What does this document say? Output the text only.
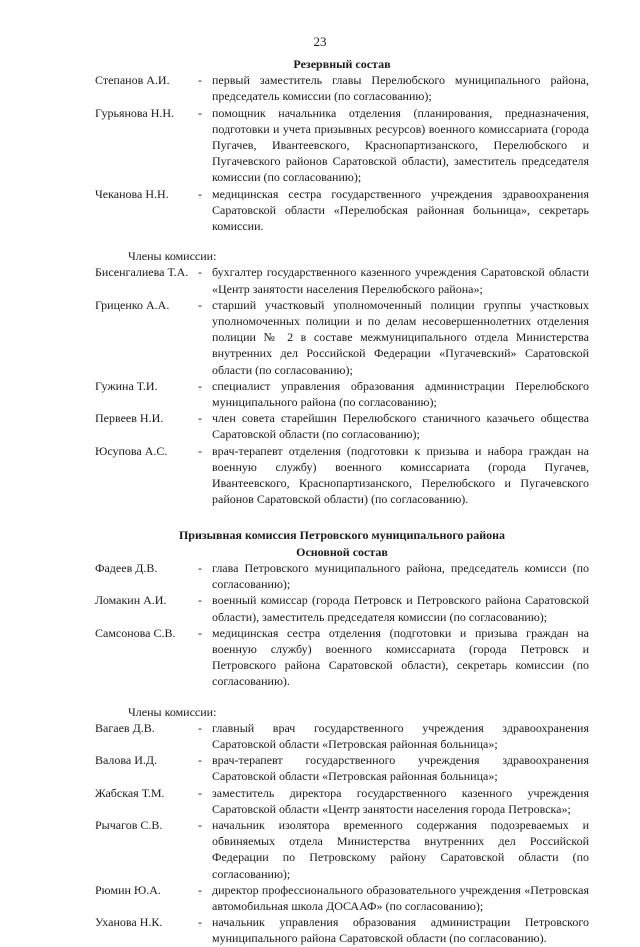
23
Резервный состав
Степанов А.И.	- первый заместитель главы Перелюбского муниципального района, председатель комиссии (по согласованию);
Гурьянова Н.Н.	- помощник начальника отделения (планирования, предназначения, подготовки и учета призывных ресурсов) военного комиссариата (города Пугачев, Ивантеевского, Краснопартизанского, Перелюбского и Пугачевского районов Саратовской области), заместитель председателя комиссии (по согласованию);
Чеканова Н.Н.	- медицинская сестра государственного учреждения здравоохранения Саратовской области «Перелюбская районная больница», секретарь комиссии.
Члены комиссии:
Бисенгалиева Т.А. - бухгалтер государственного казенного учреждения Саратовской области «Центр занятости населения Перелюбского района»;
Гриценко А.А.	- старший участковый уполномоченный полиции группы участковых уполномоченных полиции и по делам несовершеннолетних отделения полиции № 2 в составе межмуниципального отдела Министерства внутренних дел Российской Федерации «Пугачевский» Саратовской области (по согласованию);
Гужина Т.И.	- специалист управления образования администрации Перелюбского муниципального района (по согласованию);
Первеев Н.И.	- член совета старейшин Перелюбского станичного казачьего общества Саратовской области (по согласованию);
Юсупова А.С.	- врач-терапевт отделения (подготовки к призыва и набора граждан на военную службу) военного комиссариата (города Пугачев, Ивантеевского, Краснопартизанского, Перелюбского и Пугачевского районов Саратовской области) (по согласованию).
Призывная комиссия Петровского муниципального района
Основной состав
Фадеев Д.В.	- глава Петровского муниципального района, председатель комисси (по согласованию);
Ломакин А.И.	- военный комиссар (города Петровск и Петровского района Саратовской области), заместитель председателя комиссии (по согласованию);
Самсонова С.В.	- медицинская сестра отделения (подготовки и призыва граждан на военную службу) военного комиссариата (города Петровск и Петровского района Саратовской области), секретарь комиссии (по согласованию).
Члены комиссии:
Вагаев Д.В.	- главный врач государственного учреждения здравоохранения Саратовской области «Петровская районная больница»;
Валова И.Д.	- врач-терапевт государственного учреждения здравоохранения Саратовской области «Петровская районная больница»;
Жабская Т.М.	- заместитель директора государственного казенного учреждения Саратовской области «Центр занятости населения города Петровска»;
Рычагов С.В.	- начальник изолятора временного содержания подозреваемых и обвиняемых отдела Министерства внутренних дел Российской Федерации по Петровскому району Саратовской области (по согласованию);
Рюмин Ю.А.	- директор профессионального образовательного учреждения «Петровская автомобильная школа ДОСААФ» (по согласованию);
Уханова Н.К.	- начальник управления образования администрации Петровского муниципального района Саратовской области (по согласованию).
